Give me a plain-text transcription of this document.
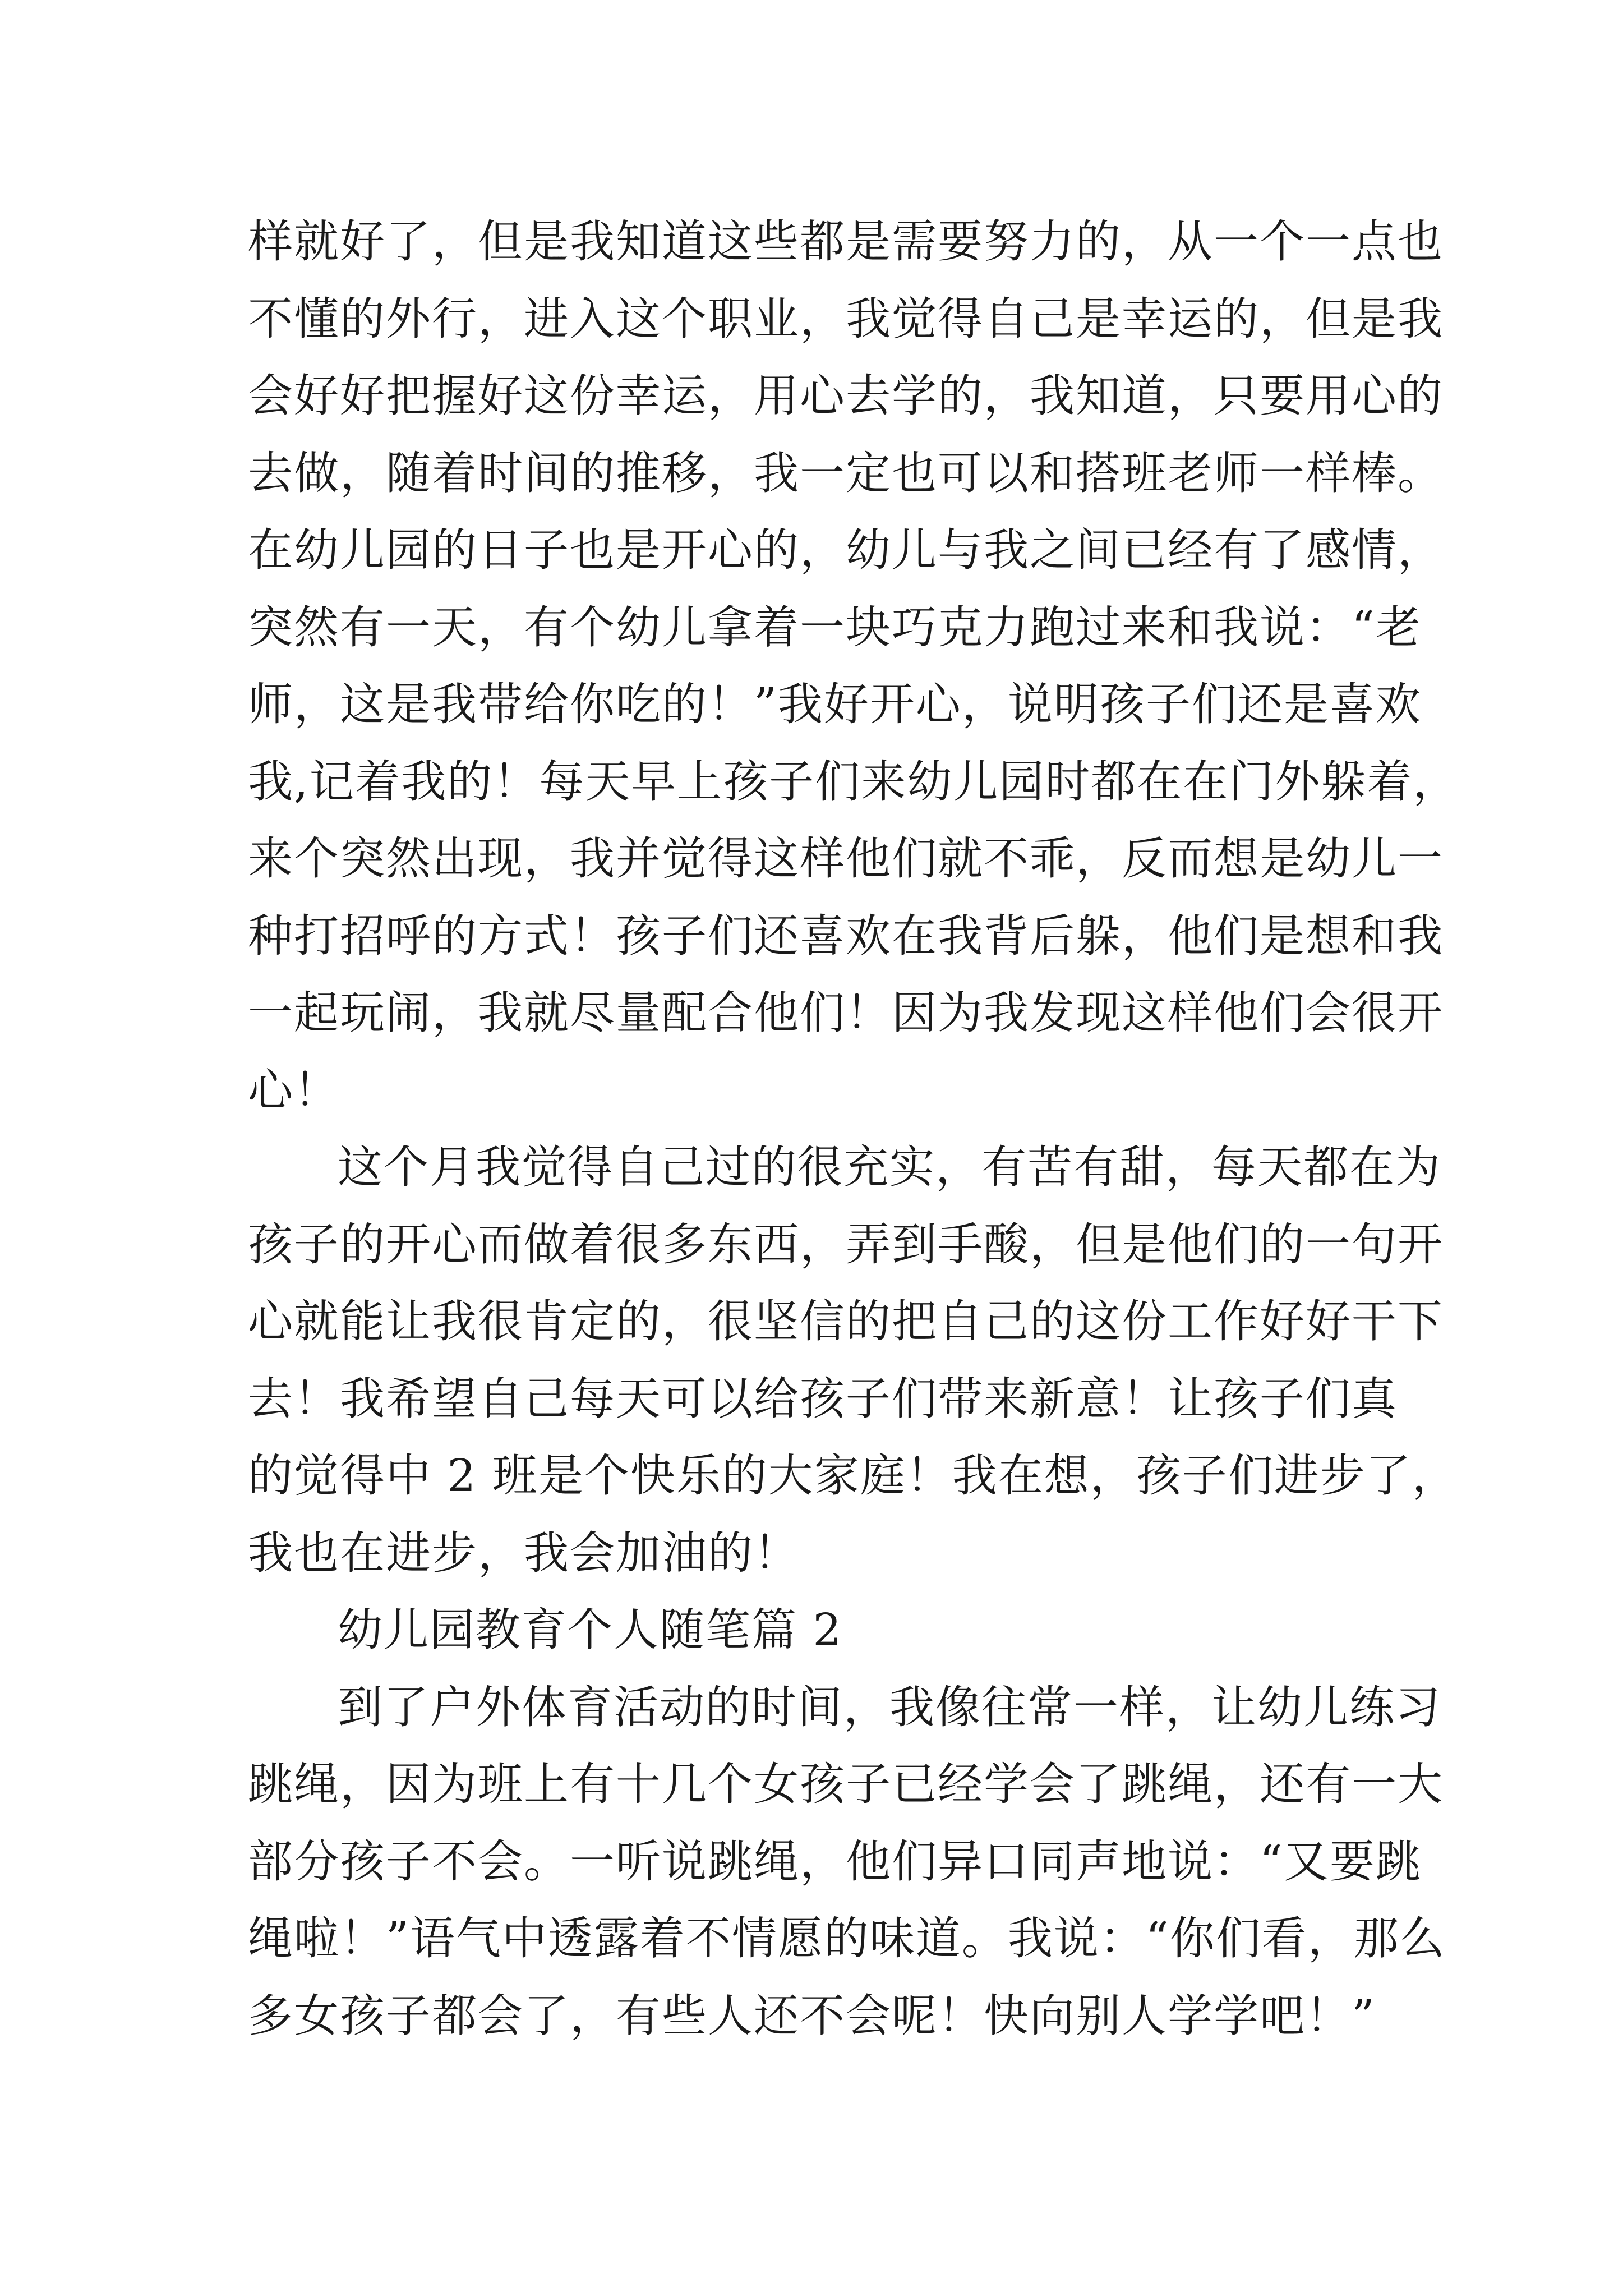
样就好了，但是我知道这些都是需要努力的，从一个一点也
不懂的外行，进入这个职业，我觉得自己是幸运的，但是我
会好好把握好这份幸运，用心去学的，我知道，只要用心的
去做，随着时间的推移，我一定也可以和搭班老师一样棒。
在幼儿园的日子也是开心的，幼儿与我之间已经有了感情，
突然有一天，有个幼儿拿着一块巧克力跑过来和我说：“老
师，这是我带给你吃的！”我好开心，说明孩子们还是喜欢
我,记着我的！每天早上孩子们来幼儿园时都在在门外躲着，
来个突然出现，我并觉得这样他们就不乖，反而想是幼儿一
种打招呼的方式！孩子们还喜欢在我背后躲，他们是想和我
一起玩闹，我就尽量配合他们！因为我发现这样他们会很开
心！
这个月我觉得自己过的很充实，有苦有甜，每天都在为
孩子的开心而做着很多东西，弄到手酸，但是他们的一句开
心就能让我很肯定的，很坚信的把自己的这份工作好好干下
去！我希望自己每天可以给孩子们带来新意！让孩子们真
的觉得中 2 班是个快乐的大家庭！我在想，孩子们进步了，
我也在进步，我会加油的！
幼儿园教育个人随笔篇 2
到了户外体育活动的时间，我像往常一样，让幼儿练习
跳绳，因为班上有十几个女孩子已经学会了跳绳，还有一大
部分孩子不会。一听说跳绳，他们异口同声地说：“又要跳
绳啦！”语气中透露着不情愿的味道。我说：“你们看，那么
多女孩子都会了，有些人还不会呢！快向别人学学吧！”
